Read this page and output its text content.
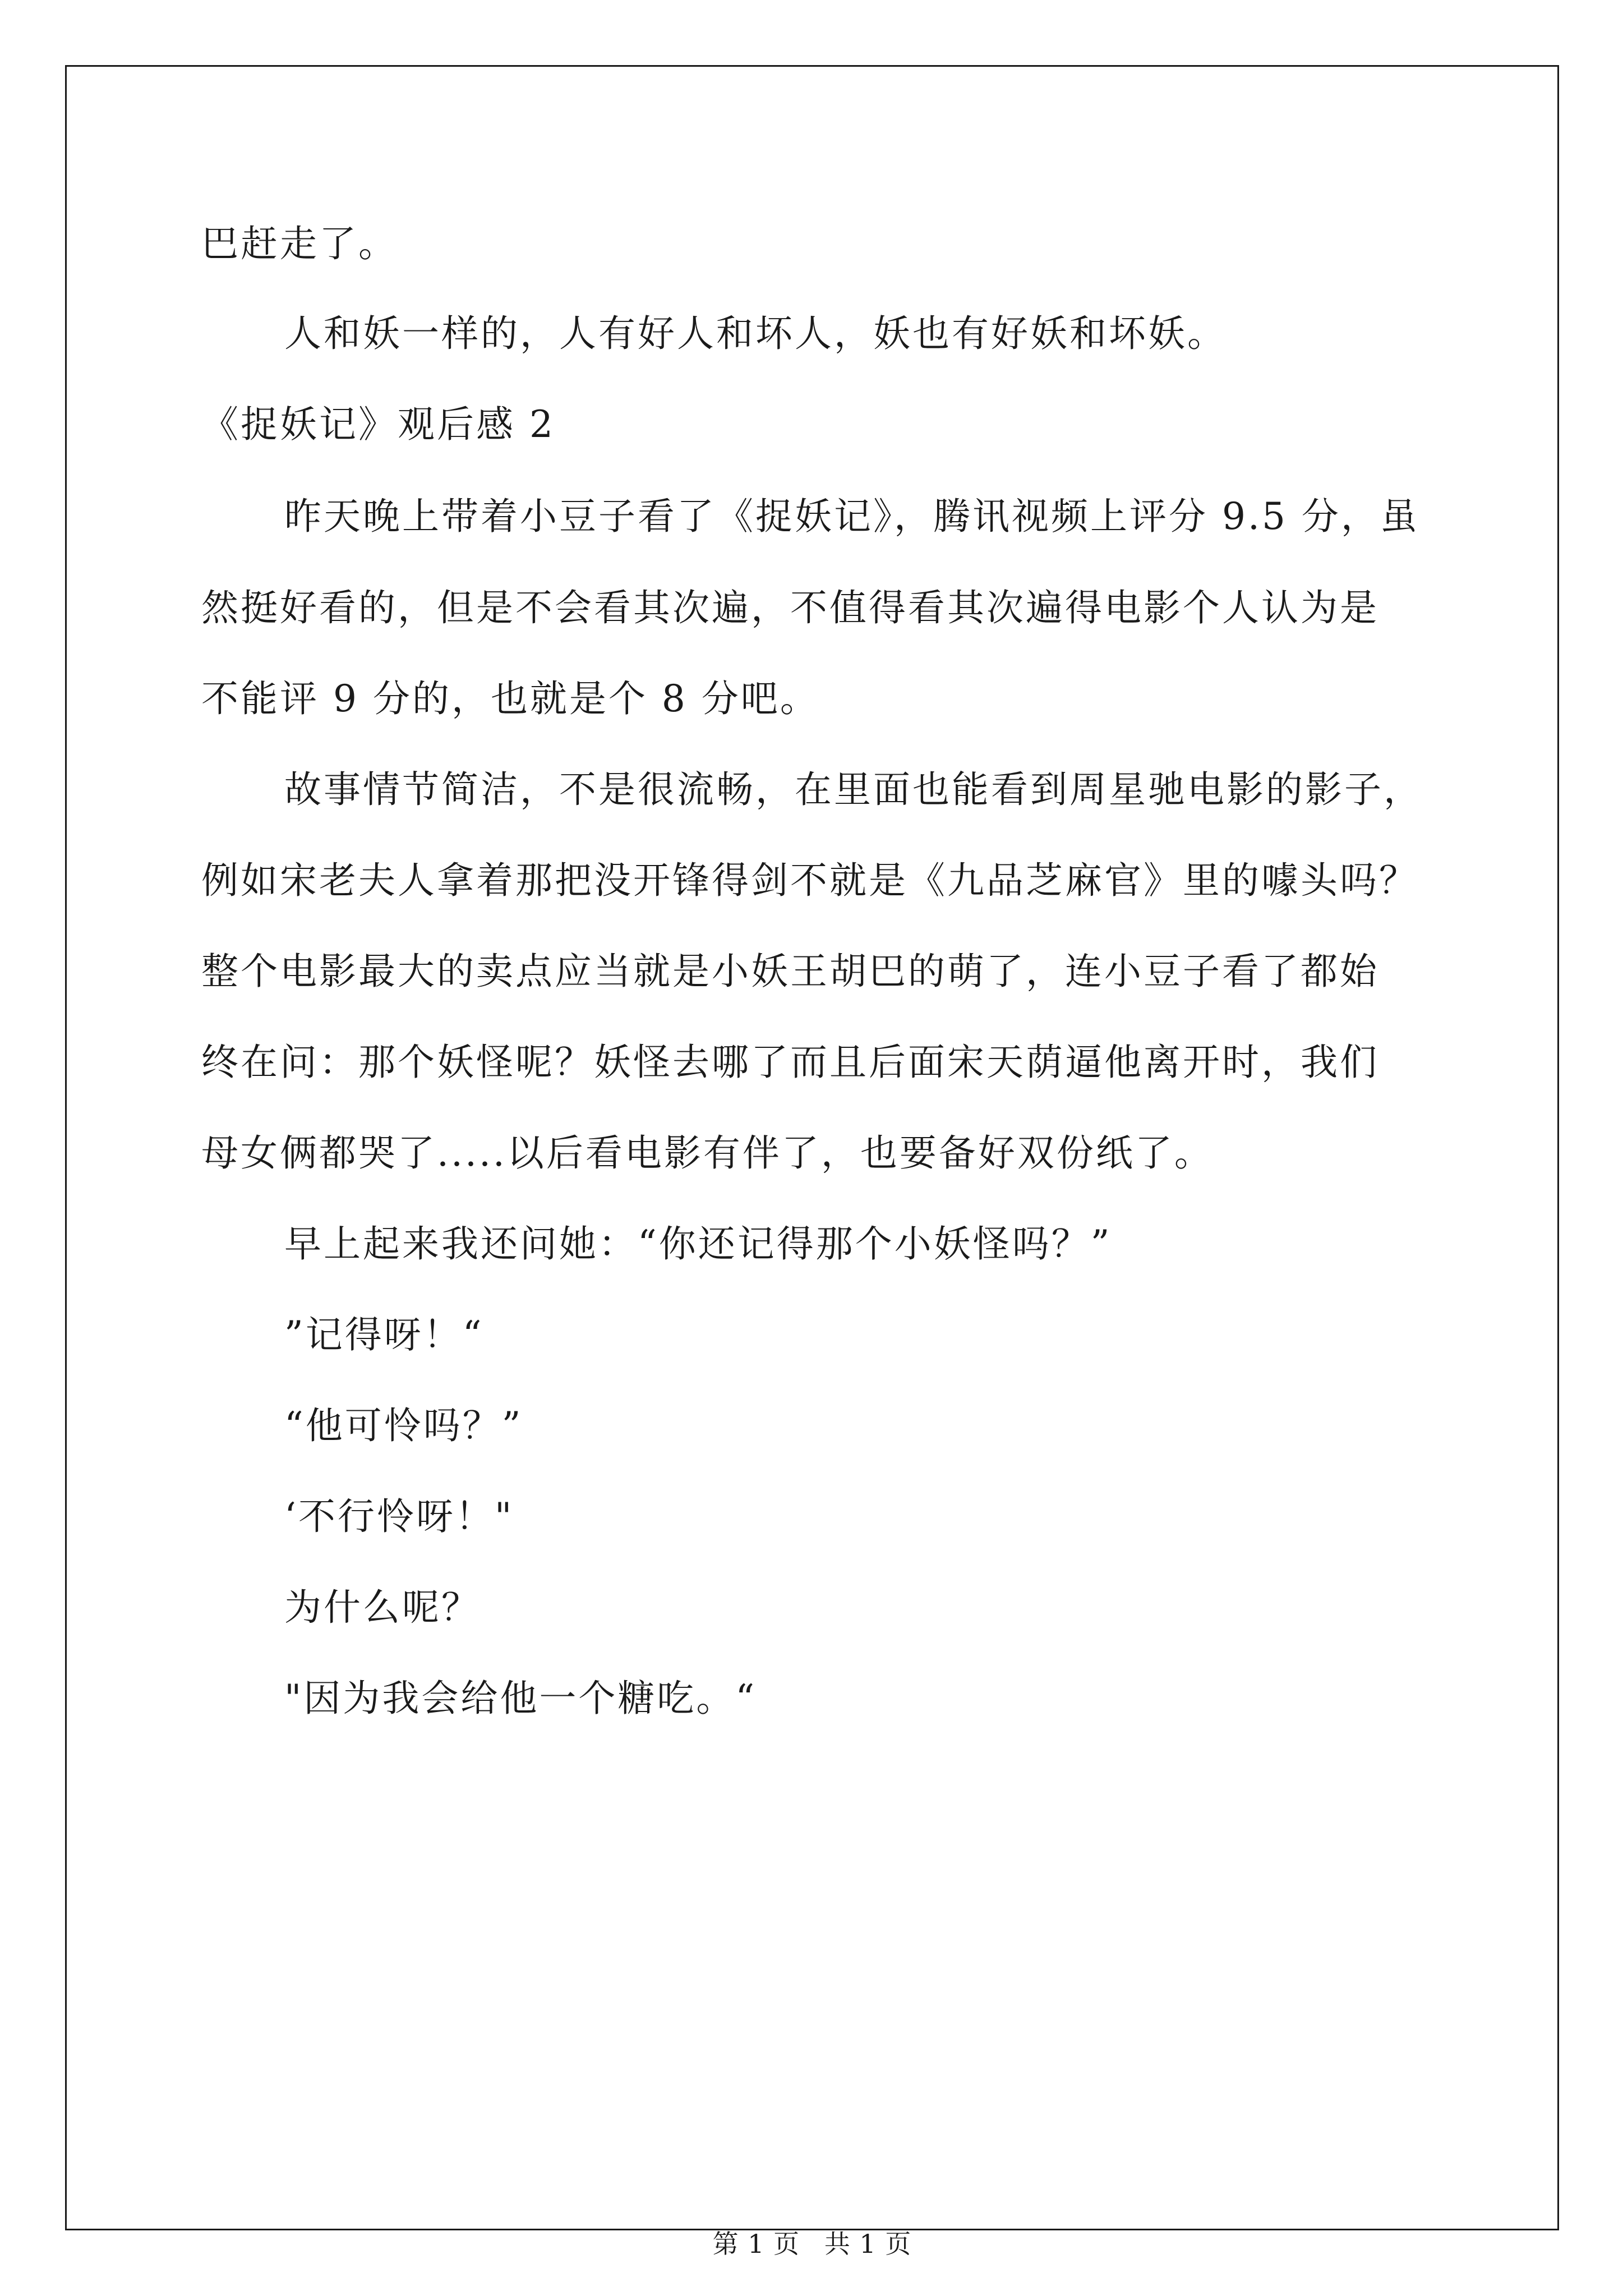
巴赶走了。
人和妖一样的，人有好人和坏人，妖也有好妖和坏妖。
《捉妖记》观后感 2
昨天晚上带着小豆子看了《捉妖记》，腾讯视频上评分 9.5 分，虽
然挺好看的，但是不会看其次遍，不值得看其次遍得电影个人认为是
不能评 9 分的，也就是个 8 分吧。
故事情节简洁，不是很流畅，在里面也能看到周星驰电影的影子，
例如宋老夫人拿着那把没开锋得剑不就是《九品芝麻官》里的噱头吗？
整个电影最大的卖点应当就是小妖王胡巴的萌了，连小豆子看了都始
终在问：那个妖怪呢？妖怪去哪了而且后面宋天荫逼他离开时，我们
母女俩都哭了.....以后看电影有伴了，也要备好双份纸了。
早上起来我还问她：“你还记得那个小妖怪吗？”
”记得呀！“
“他可怜吗？”
‘不行怜呀！"
为什么呢？
"因为我会给他一个糖吃。“
第 1 页 共 1 页
